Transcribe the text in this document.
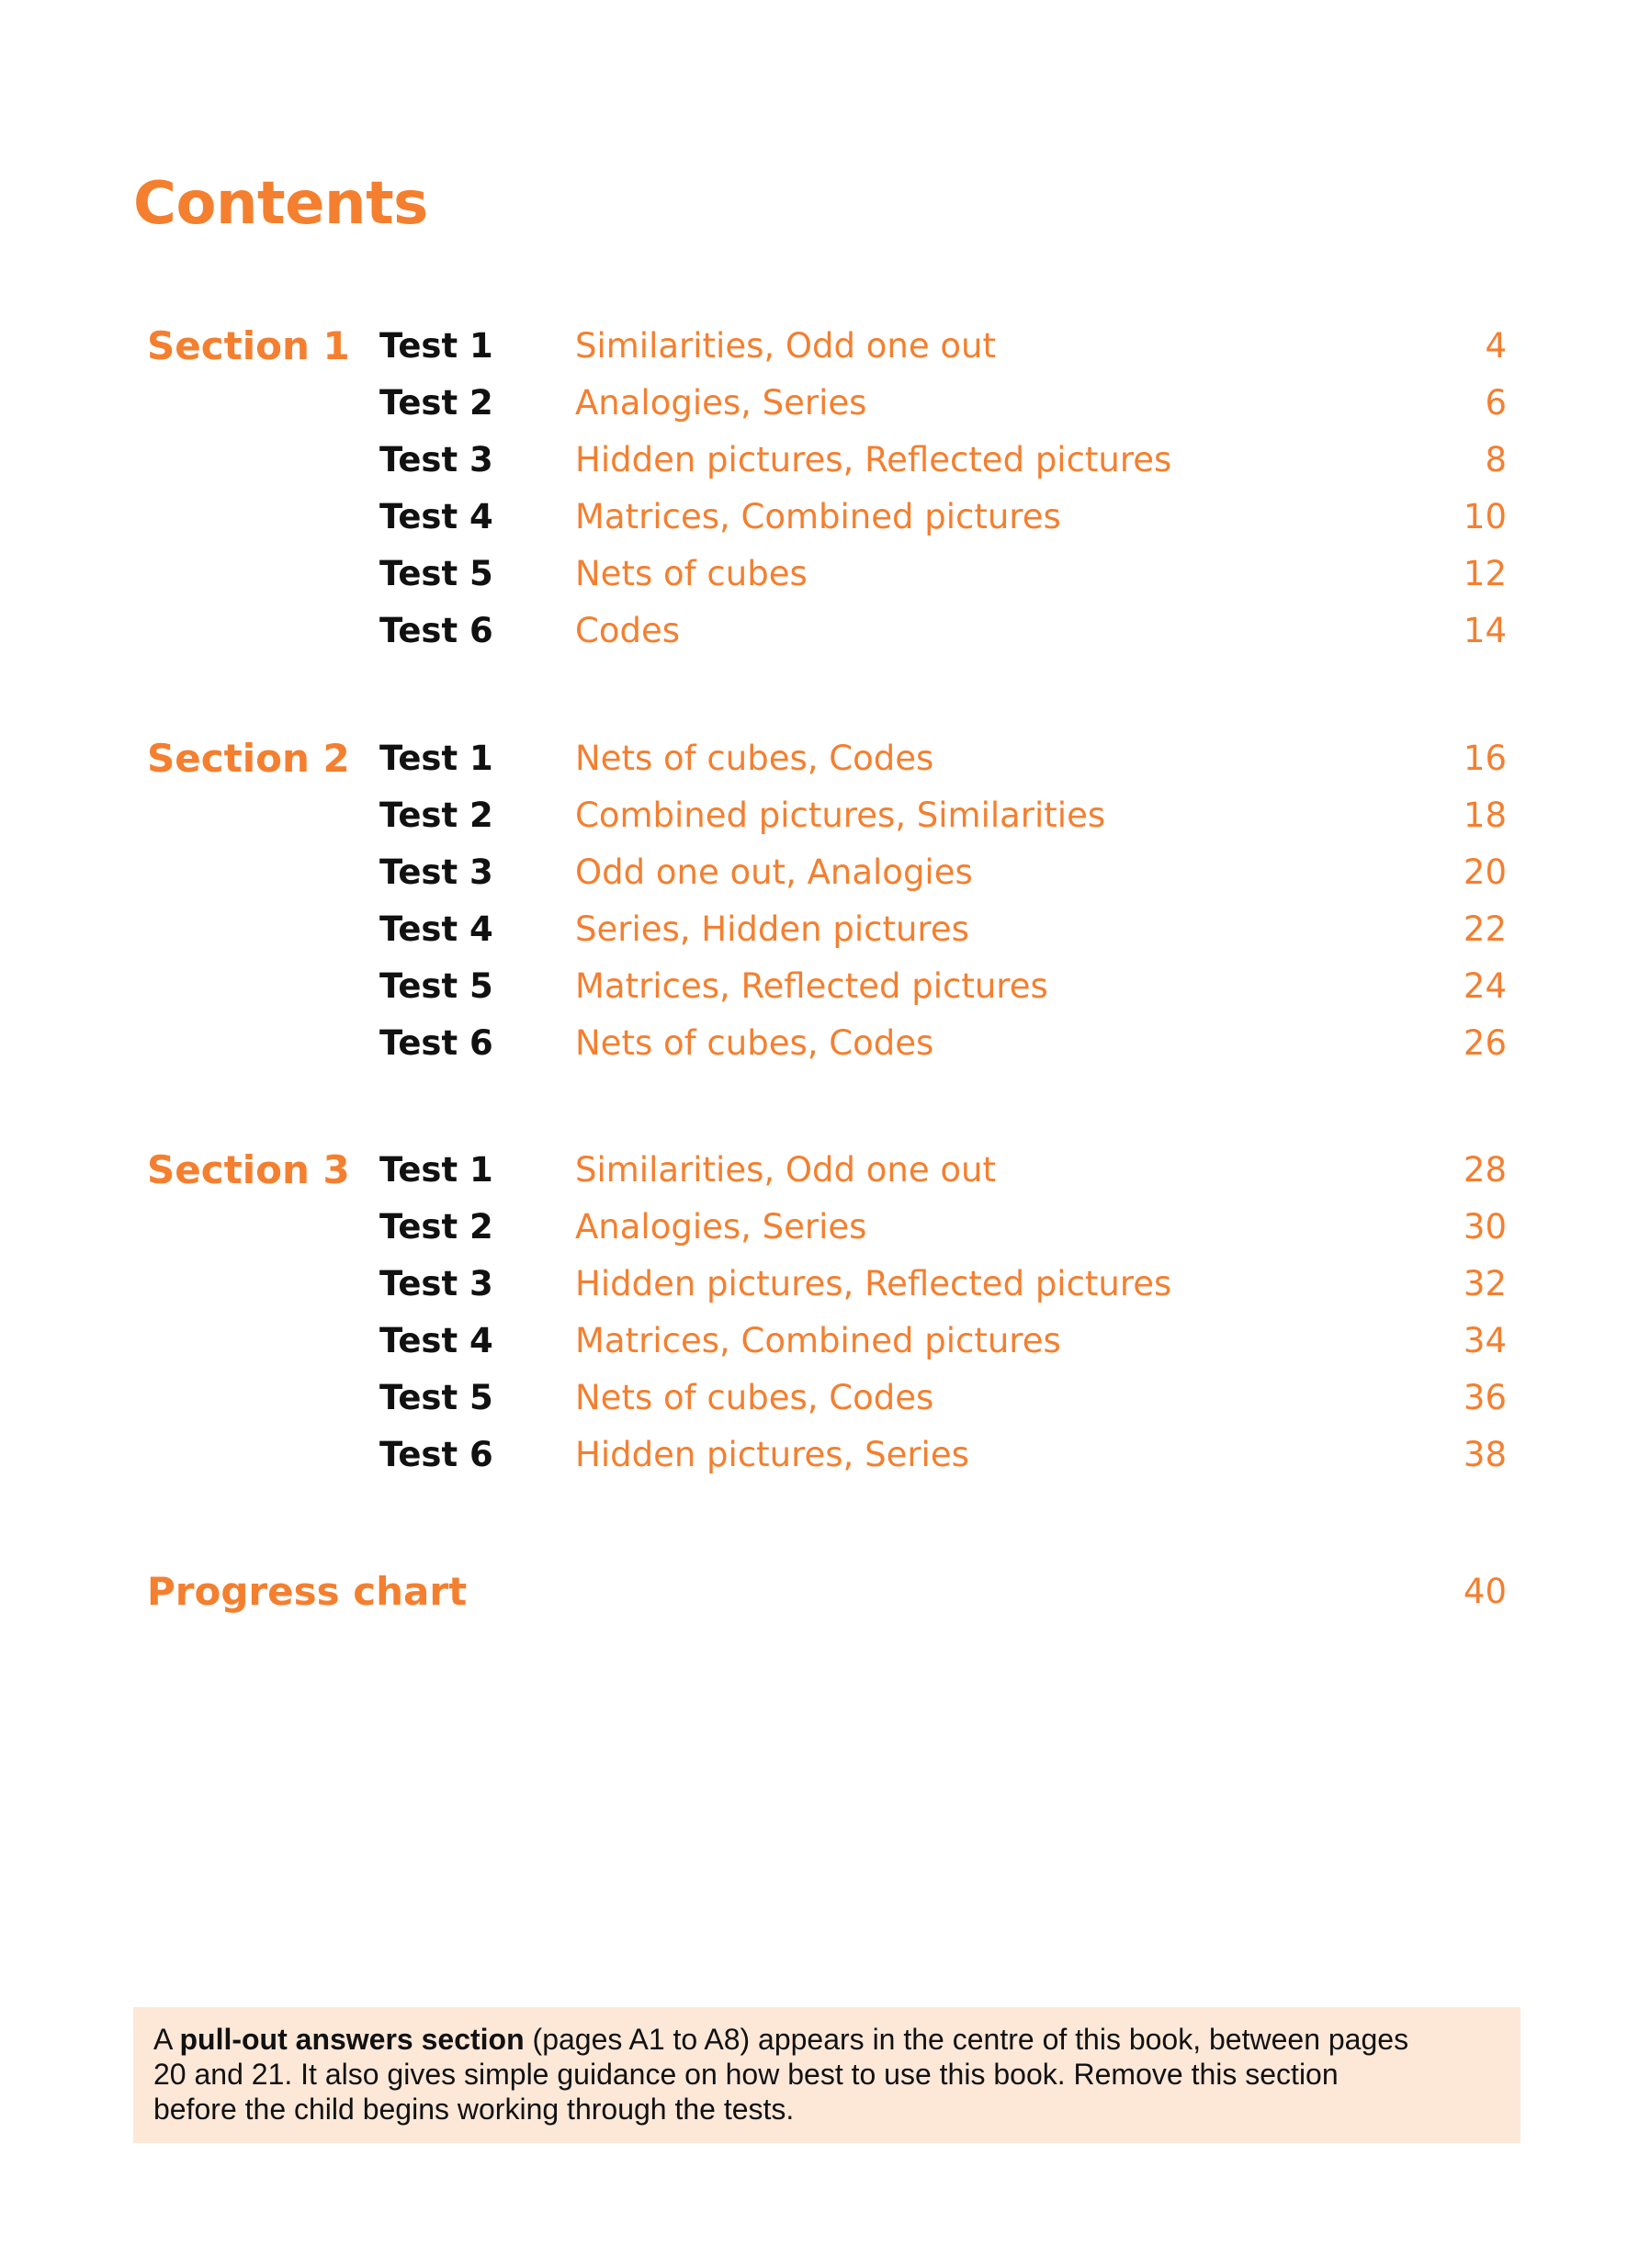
Contents
Section 1 Test 1 Similarities, Odd one out	4
Test 2 Analogies, Series	6
Test 3 Hidden pictures, Reflected pictures	8
Test 4 Matrices, Combined pictures	10
Test 5 Nets of cubes	12
Test 6 Codes	14
Section 2 Test 1 Nets of cubes, Codes	16
Test 2 Combined pictures, Similarities	18
Test 3 Odd one out, Analogies	20
Test 4 Series, Hidden pictures	22
Test 5 Matrices, Reflected pictures	24
Test 6 Nets of cubes, Codes	26
Section 3 Test 1 Similarities, Odd one out	28
Test 2 Analogies, Series	30
Test 3 Hidden pictures, Reflected pictures	32
Test 4 Matrices, Combined pictures	34
Test 5 Nets of cubes, Codes	36
Test 6 Hidden pictures, Series	38
Progress chart	40
A pull-out answers section (pages A1 to A8) appears in the centre of this book, between pages
20 and 21. It also gives simple guidance on how best to use this book. Remove this section
before the child begins working through the tests.
